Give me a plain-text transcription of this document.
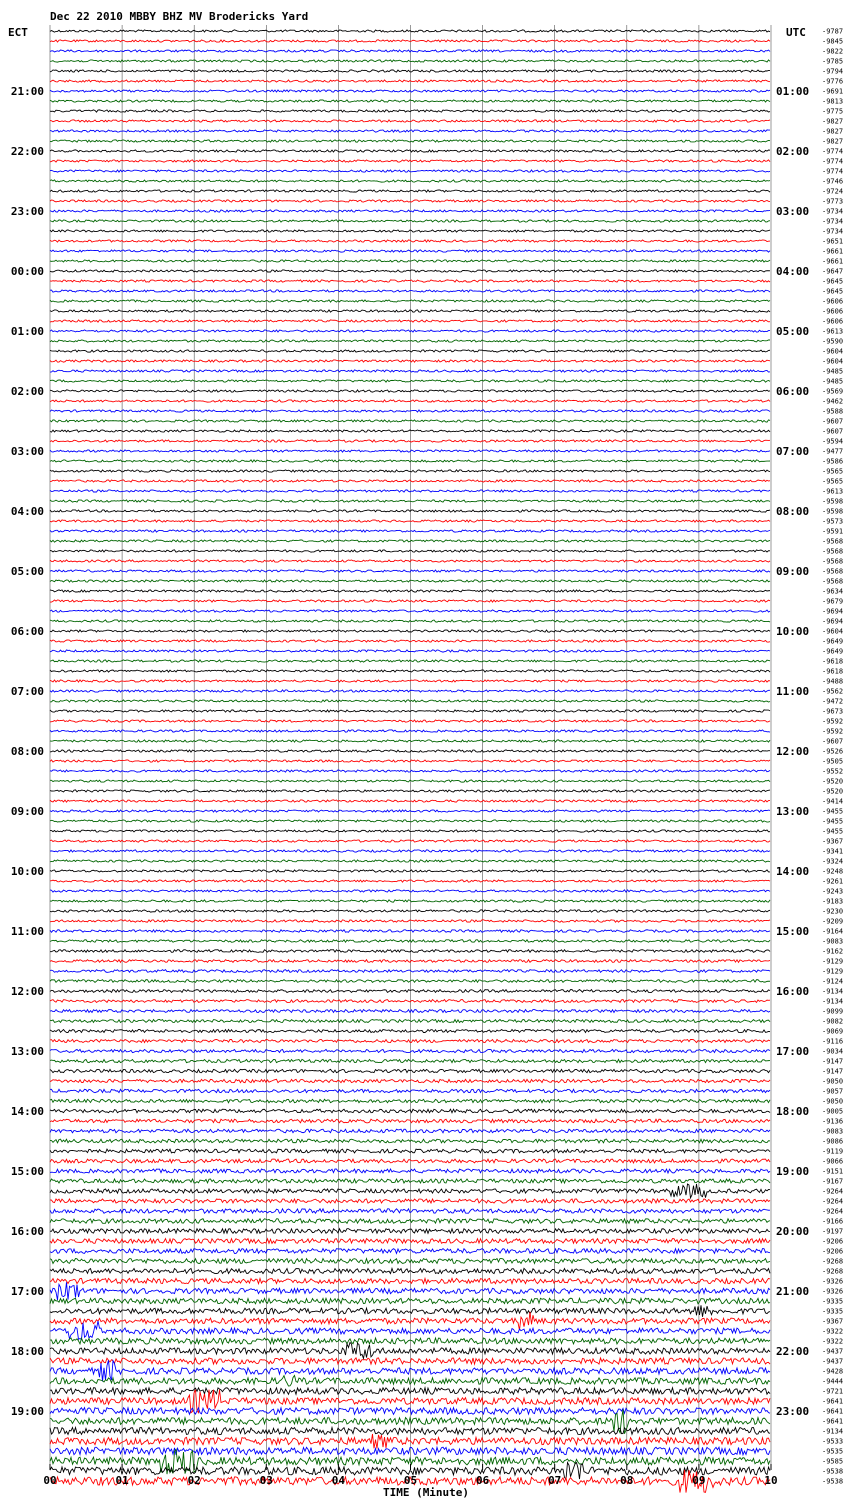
Dec 22 2010 MBBY BHZ MV Brodericks Yard
ECT	UTC
21:00
22:00
23:00
00:00
01:00
02:00
03:00
04:00
05:00
06:00
07:00
08:00
09:00
10:00
11:00
12:00
13:00
14:00
15:00
16:00
17:00
18:00
19:00
01:00
02:00
03:00
04:00
05:00
06:00
07:00
08:00
09:00
10:00
11:00
12:00
13:00
14:00
15:00
16:00
17:00
18:00
19:00
20:00
21:00
22:00
23:00
-9787
-9845
-9822
-9785
-9794
-9776
-9691
-9813
-9775
-9827
-9827
-9827
-9774
-9774
-9774
-9746
-9724
-9773
-9734
-9734
-9734
-9651
-9661
-9661
-9647
-9645
-9645
-9606
-9606
-9606
-9613
-9590
-9604
-9604
-9485
-9485
-9569
-9462
-9588
-9607
-9607
-9594
-9477
-9586
-9565
-9565
-9613
-9598
-9598
-9573
-9591
-9568
-9568
-9568
-9568
-9568
-9634
-9679
-9694
-9694
-9604
-9649
-9649
-9618
-9618
-9488
-9562
-9472
-9673
-9592
-9592
-9607
-9526
-9505
-9552
-9520
-9520
-9414
-9455
-9455
-9455
-9367
-9341
-9324
-9248
-9261
-9243
-9183
-9230
-9209
-9164
-9083
-9162
-9129
-9129
-9124
-9134
-9134
-9099
-9082
-9069
-9116
-9034
-9147
-9147
-9050
-9057
-9050
-9005
-9136
-9083
-9086
-9119
-9066
-9151
-9167
-9264
-9264
-9264
-9166
-9197
-9206
-9206
-9268
-9268
-9326
-9326
-9335
-9335
-9367
-9322
-9322
-9437
-9437
-9428
-9444
-9721
-9641
-9641
-9641
-9134
-9533
-9535
-9585
-9538
-9538
00	01	02	03	04	05	06	07	08	09	10
TIME (Minute)
